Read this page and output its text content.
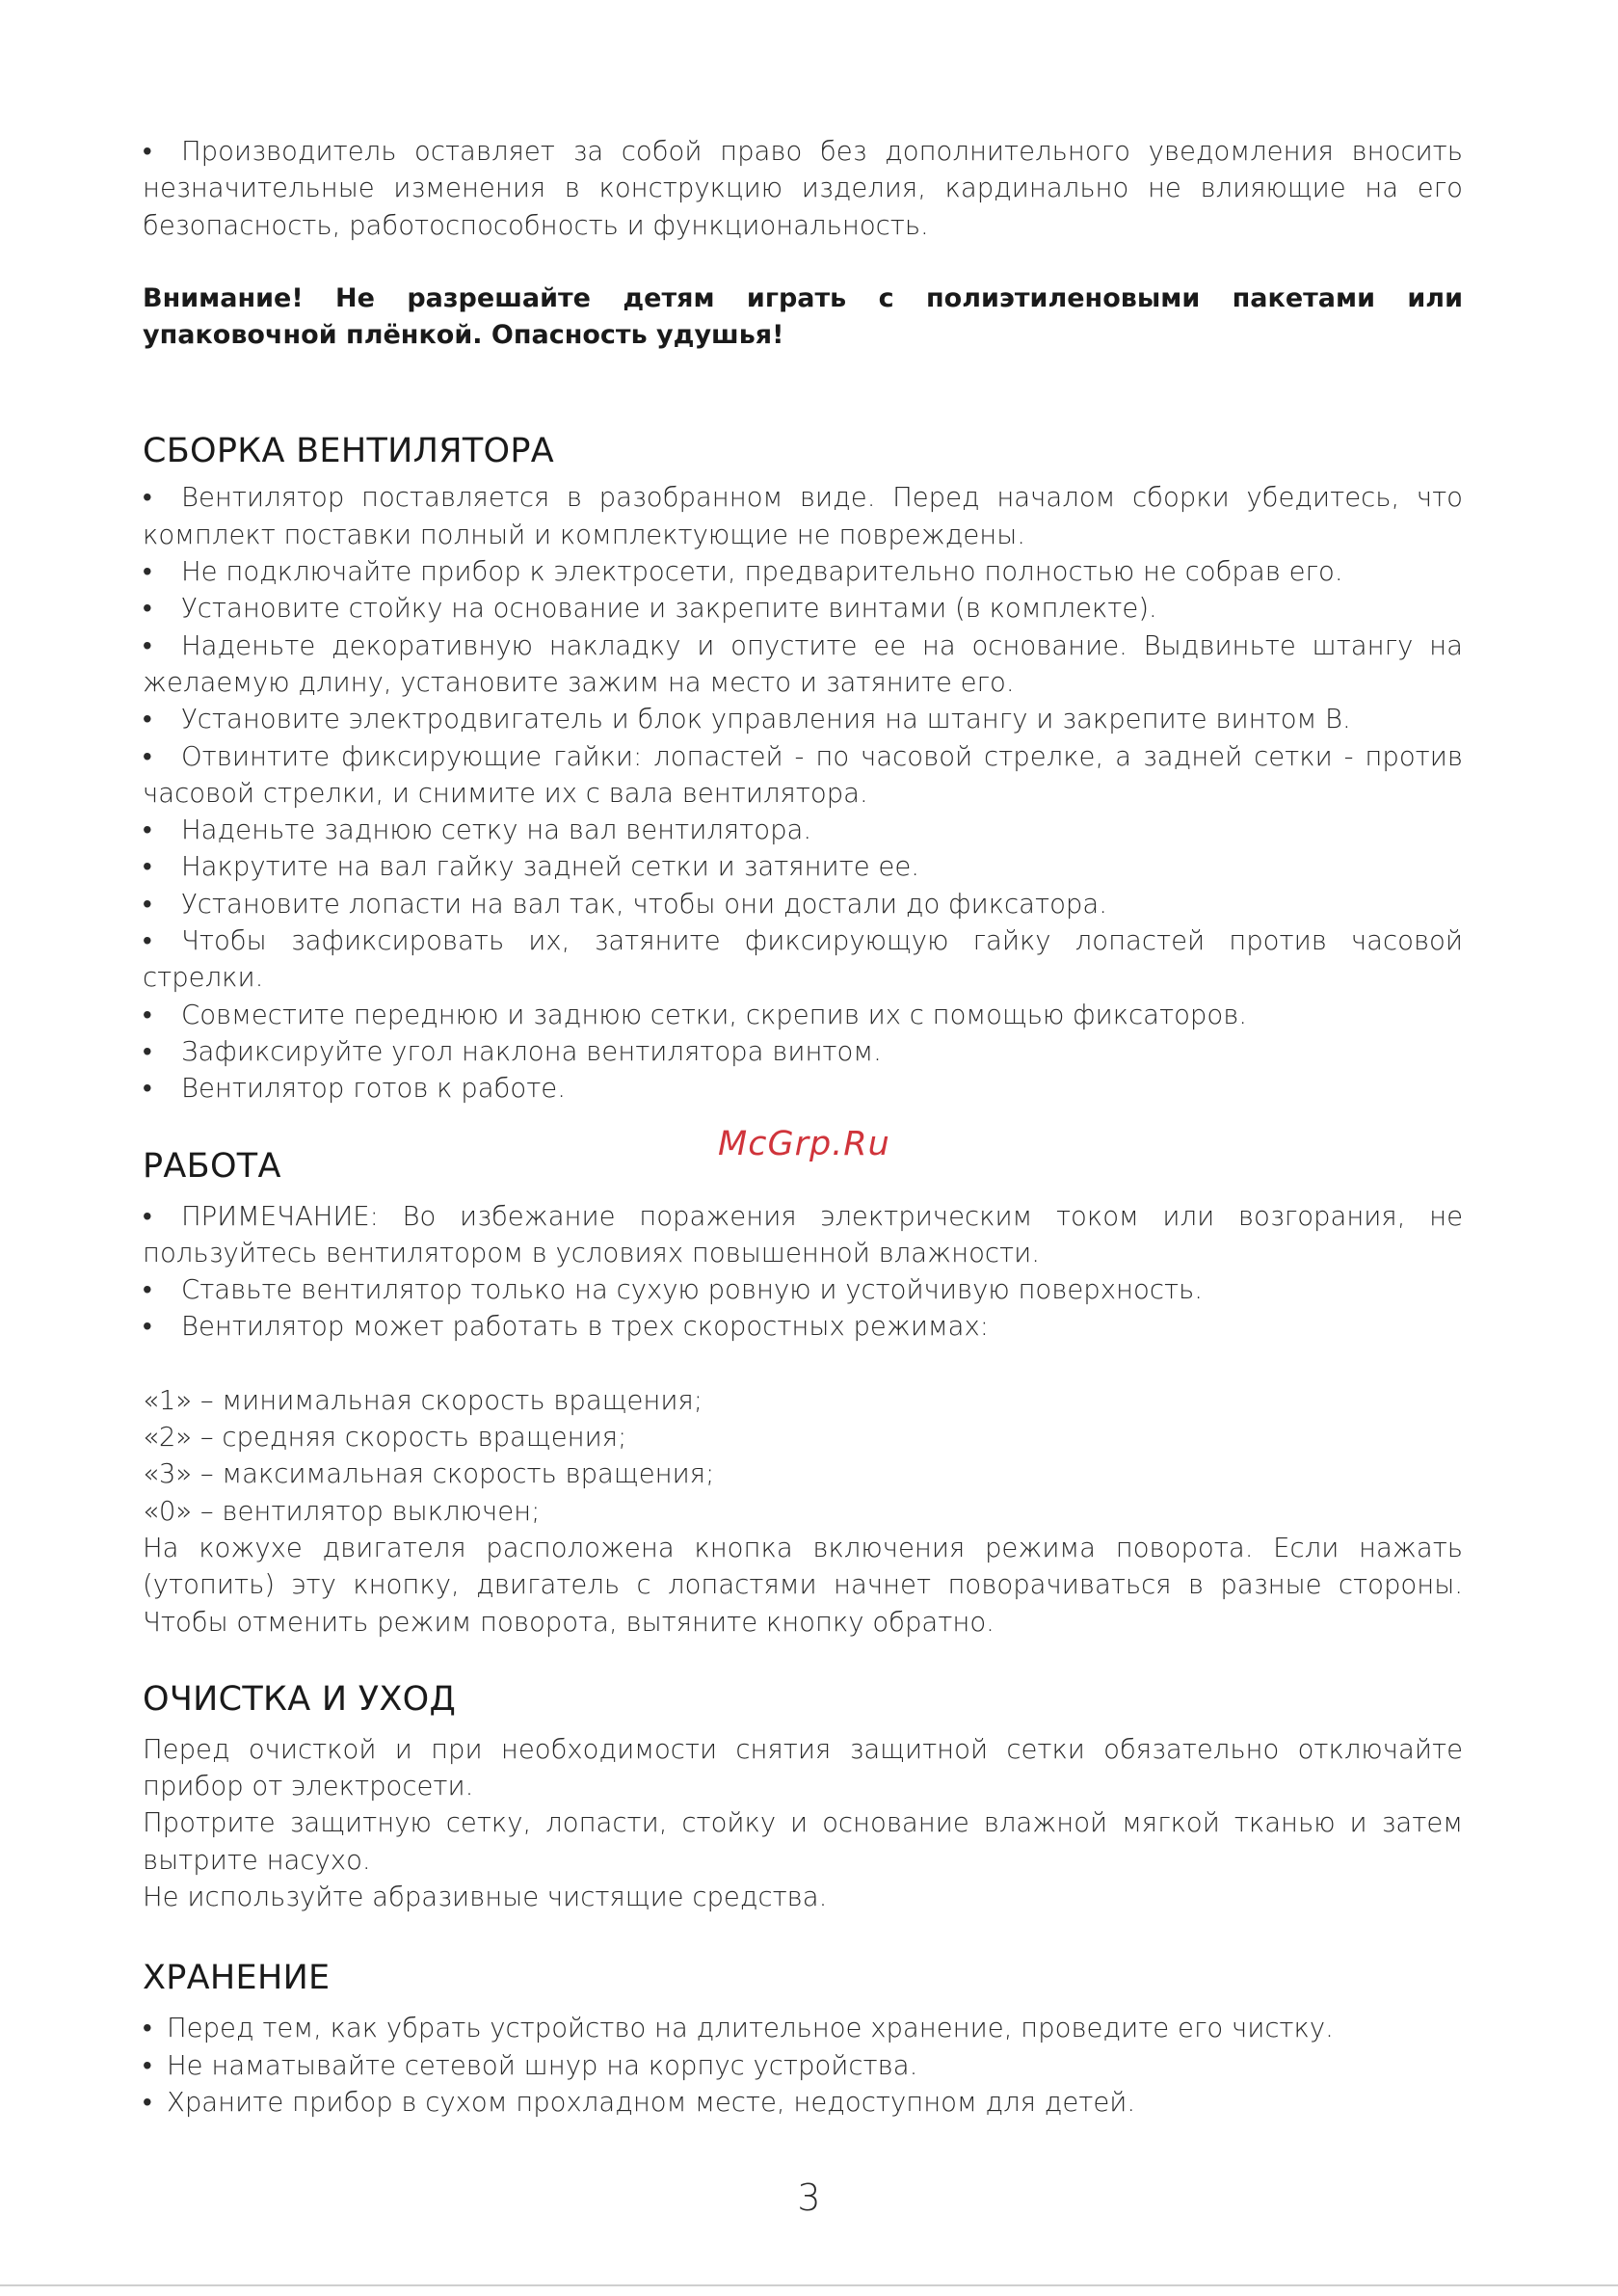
• Производитель оставляет за собой право без дополнительного уведомления вносить незначительные изменения в конструкцию изделия, кардинально не влияющие на его безопасность, работоспособность и функциональность.

Внимание! Не разрешайте детям играть с полиэтиленовыми пакетами или упаковочной плёнкой. Опасность удушья!

СБОРКА ВЕНТИЛЯТОРА

• Вентилятор поставляется в разобранном виде. Перед началом сборки убедитесь, что комплект поставки полный и комплектующие не повреждены.

• Не подключайте прибор к электросети, предварительно полностью не собрав его.

• Установите стойку на основание и закрепите винтами (в комплекте).

• Наденьте декоративную накладку и опустите ее на основание. Выдвиньте штангу на желаемую длину, установите зажим на место и затяните его.

• Установите электродвигатель и блок управления на штангу и закрепите винтом В.

• Отвинтите фиксирующие гайки: лопастей - по часовой стрелке, а задней сетки - против часовой стрелки, и снимите их с вала вентилятора.

• Наденьте заднюю сетку на вал вентилятора.

• Накрутите на вал гайку задней сетки и затяните ее.

• Установите лопасти на вал так, чтобы они достали до фиксатора.

• Чтобы зафиксировать их, затяните фиксирующую гайку лопастей против часовой стрелки.

• Совместите переднюю и заднюю сетки, скрепив их с помощью фиксаторов.

• Зафиксируйте угол наклона вентилятора винтом.

• Вентилятор готов к работе.

РАБОТА

• ПРИМЕЧАНИЕ: Во избежание поражения электрическим током или возгорания, не пользуйтесь вентилятором в условиях повышенной влажности.

• Ставьте вентилятор только на сухую ровную и устойчивую поверхность.

• Вентилятор может работать в трех скоростных режимах:

«1» – минимальная скорость вращения;

«2» – средняя скорость вращения;

«3» – максимальная скорость вращения;

«0» – вентилятор выключен;

На кожухе двигателя расположена кнопка включения режима поворота. Если нажать (утопить) эту кнопку, двигатель с лопастями начнет поворачиваться в разные стороны. Чтобы отменить режим поворота, вытяните кнопку обратно.

ОЧИСТКА И УХОД

Перед очисткой и при необходимости снятия защитной сетки обязательно отключайте прибор от электросети.

Протрите защитную сетку, лопасти, стойку и основание влажной мягкой тканью и затем вытрите насухо.

Не используйте абразивные чистящие средства.

ХРАНЕНИЕ

• Перед тем, как убрать устройство на длительное хранение, проведите его чистку.

• Не наматывайте сетевой шнур на корпус устройства.

• Храните прибор в сухом прохладном месте, недоступном для детей.

McGrp.Ru
3
